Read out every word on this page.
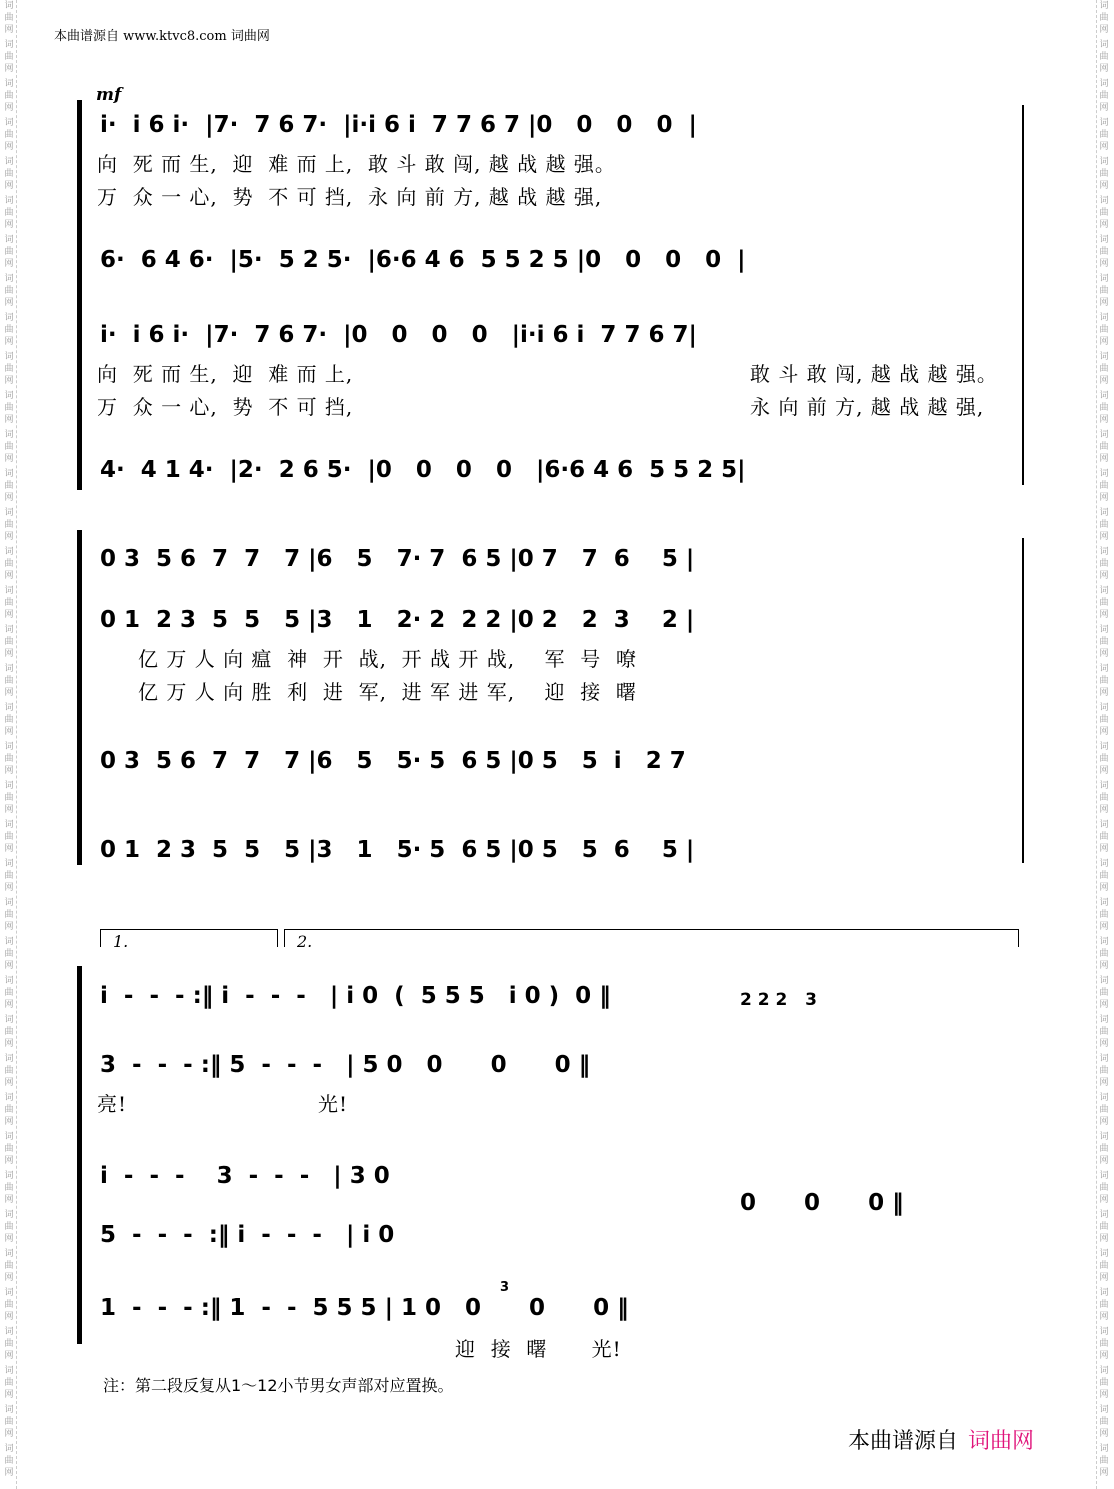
词
曲
网
词
曲
网
词
曲
网
词
曲
网
词
曲
网
词
曲
网
词
曲
网
词
曲
网
词
曲
网
词
曲
网
词
曲
网
词
曲
网
词
曲
网
词
曲
网
词
曲
网
词
曲
网
词
曲
网
词
曲
网
词
曲
网
词
曲
网
词
曲
网
词
曲
网
词
曲
网
词
曲
网
词
曲
网
词
曲
网
词
曲
网
词
曲
网
词
曲
网
词
曲
网
词
曲
网
词
曲
网
词
曲
网
词
曲
网
词
曲
网
词
曲
网
词
曲
网
词
曲
网
词
曲
网
词
曲
网
词
曲
网
词
曲
网
词
曲
网
词
曲
网
词
曲
网
词
曲
网
词
曲
网
词
曲
网
词
曲
网
词
曲
网
词
曲
网
词
曲
网
词
曲
网
词
曲
网
词
曲
网
词
曲
网
词
曲
网
词
曲
网
词
曲
网
词
曲
网
词
曲
网
词
曲
网
词
曲
网
词
曲
网
词
曲
网
词
曲
网
词
曲
网
词
曲
网
词
曲
网
词
曲
网
词
曲
网
词
曲
网
词
曲
网
词
曲
网
词
曲
网
词
曲
网
本曲谱源自 www.ktvc8.com 词曲网
mf
i·  i 6 i·  |7·  7 6 7·  |i·i 6 i  7 7 6 7 |0   0   0   0  |
向  死 而 生,  迎  难 而 上,  敢 斗 敢 闯, 越 战 越 强。
万  众 一 心,  势  不 可 挡,  永 向 前 方, 越 战 越 强,
6·  6 4 6·  |5·  5 2 5·  |6·6 4 6  5 5 2 5 |0   0   0   0  |
i·  i 6 i·  |7·  7 6 7·  |0   0   0   0   |i·i 6 i  7 7 6 7|
向  死 而 生,  迎  难 而 上,	敢 斗 敢 闯, 越 战 越 强。
万  众 一 心,  势  不 可 挡,	永 向 前 方, 越 战 越 强,
4·  4 1 4·  |2·  2 6 5·  |0   0   0   0   |6·6 4 6  5 5 2 5|
0 3  5 6  7  7   7 |6   5   7· 7  6 5 |0 7   7  6    5 |
0 1  2 3  5  5   5 |3   1   2· 2  2 2 |0 2   2  3    2 |
亿 万 人 向 瘟  神  开  战,  开 战 开 战,    军  号  嘹
亿 万 人 向 胜  利  进  军,  进 军 进 军,    迎  接  曙
0 3  5 6  7  7   7 |6   5   5· 5  6 5 |0 5   5  i   2 7
0 1  2 3  5  5   5 |3   1   5· 5  6 5 |0 5   5  6    5 |
1.	2.
i  -  -  - :‖ i  -  -  -   | i 0  (  5 5 5   i 0 )  0 ‖	2 2 2   3
3  -  -  - :‖ 5  -  -  -   | 5 0   0      0      0 ‖
亮!	光!
i  -  -  -    3  -  -  -   | 3 0
0      0      0 ‖
5  -  -  -  :‖ i  -  -  -   | i 0
1  -  -  - :‖ 1  -  -  5 5 5 | 1 0   0      0      0 ‖
3
迎  接  曙      光!
注：第二段反复从1～12小节男女声部对应置换。
本曲谱源自 词曲网
